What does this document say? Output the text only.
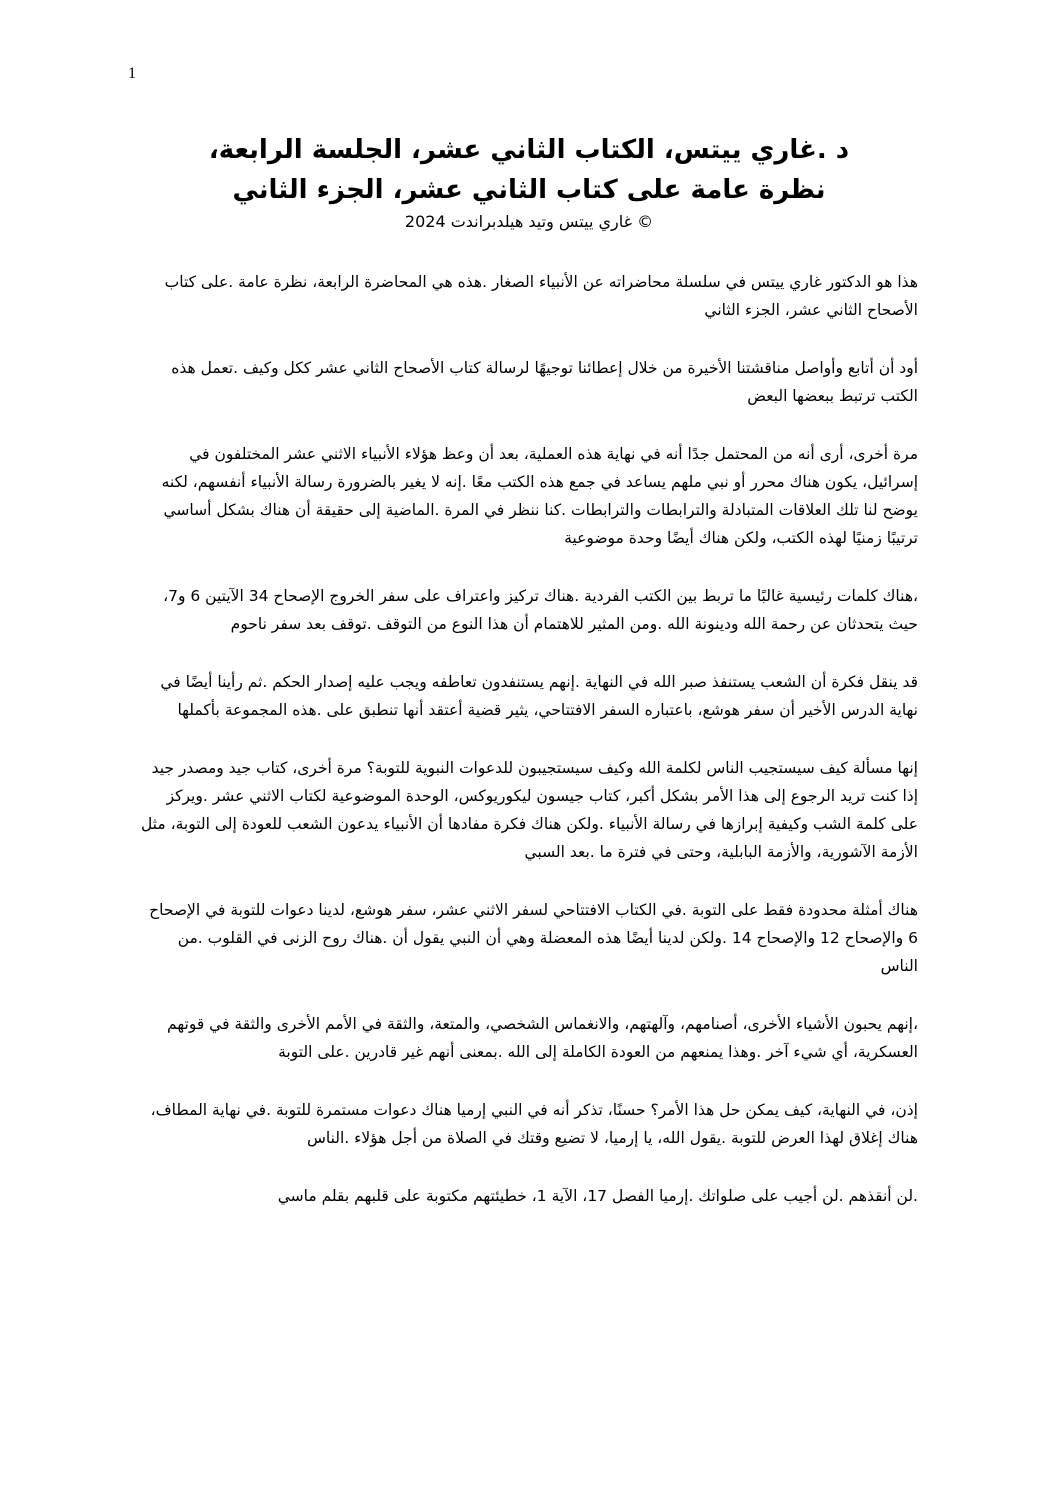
1

،د .غاري ييتس، الكتاب الثاني عشر، الجلسة الرابعة

نظرة عامة على كتاب الثاني عشر، الجزء الثاني

غاري ييتس وتيد هيلدبراندت 2024 ©

هذا هو الدكتور غاري ييتس في سلسلة محاضراته عن الأنبياء الصغار .هذه هي المحاضرة الرابعة، نظرة عامة .على كتاب الأصحاح الثاني عشر، الجزء الثاني

أود أن أتابع وأواصل مناقشتنا الأخيرة من خلال إعطائنا توجيهًا لرسالة كتاب الأصحاح الثاني عشر ككل وكيف .تعمل هذه الكتب ترتبط ببعضها البعض

مرة أخرى، أرى أنه من المحتمل جدًا أنه في نهاية هذه العملية، بعد أن وعظ هؤلاء الأنبياء الاثني عشر المختلفون في إسرائيل، يكون هناك محرر أو نبي ملهم يساعد في جمع هذه الكتب معًا .إنه لا يغير بالضرورة رسالة الأنبياء أنفسهم، لكنه يوضح لنا تلك العلاقات المتبادلة والترابطات والترابطات .كنا ننظر في المرة .الماضية إلى حقيقة أن هناك بشكل أساسي ترتيبًا زمنيًا لهذه الكتب، ولكن هناك أيضًا وحدة موضوعية

،هناك كلمات رئيسية غالبًا ما تربط بين الكتب الفردية .هناك تركيز واعتراف على سفر الخروج الإصحاح 34 الآيتين 6 و7، حيث يتحدثان عن رحمة الله ودينونة الله .ومن المثير للاهتمام أن هذا النوع من التوقف .توقف بعد سفر ناحوم

قد ينقل فكرة أن الشعب يستنفذ صبر الله في النهاية .إنهم يستنفدون تعاطفه ويجب عليه إصدار الحكم .ثم رأينا أيضًا في نهاية الدرس الأخير أن سفر هوشع، باعتباره السفر الافتتاحي، يثير قضية أعتقد أنها تنطبق على .هذه المجموعة بأكملها

إنها مسألة كيف سيستجيب الناس لكلمة الله وكيف سيستجيبون للدعوات النبوية للتوبة؟ مرة أخرى، كتاب جيد ومصدر جيد إذا كنت تريد الرجوع إلى هذا الأمر بشكل أكبر، كتاب جيسون ليكوريوكس، الوحدة الموضوعية لكتاب الاثني عشر .ويركز على كلمة الشب وكيفية إبرازها في رسالة الأنبياء .ولكن هناك فكرة مفادها أن الأنبياء يدعون الشعب للعودة إلى التوبة، مثل الأزمة الآشورية، والأزمة البابلية، وحتى في فترة ما .بعد السبي

هناك أمثلة محدودة فقط على التوبة .في الكتاب الافتتاحي لسفر الاثني عشر، سفر هوشع، لدينا دعوات للتوبة في الإصحاح 6 والإصحاح 12 والإصحاح 14 .ولكن لدينا أيضًا هذه المعضلة وهي أن النبي يقول أن .هناك روح الزنى في القلوب .من الناس

،إنهم يحبون الأشياء الأخرى، أصنامهم، وآلهتهم، والانغماس الشخصي، والمتعة، والثقة في الأمم الأخرى والثقة في قوتهم العسكرية، أي شيء آخر .وهذا يمنعهم من العودة الكاملة إلى الله .بمعنى أنهم غير قادرين .على التوبة

إذن، في النهاية، كيف يمكن حل هذا الأمر؟ حسنًا، تذكر أنه في النبي إرميا هناك دعوات مستمرة للتوبة .في نهاية المطاف، هناك إغلاق لهذا العرض للتوبة .يقول الله، يا إرميا، لا تضيع وقتك في الصلاة من أجل هؤلاء .الناس

.لن أنقذهم .لن أجيب على صلواتك .إرميا الفصل 17، الآية 1، خطيئتهم مكتوبة على قلبهم بقلم ماسي
